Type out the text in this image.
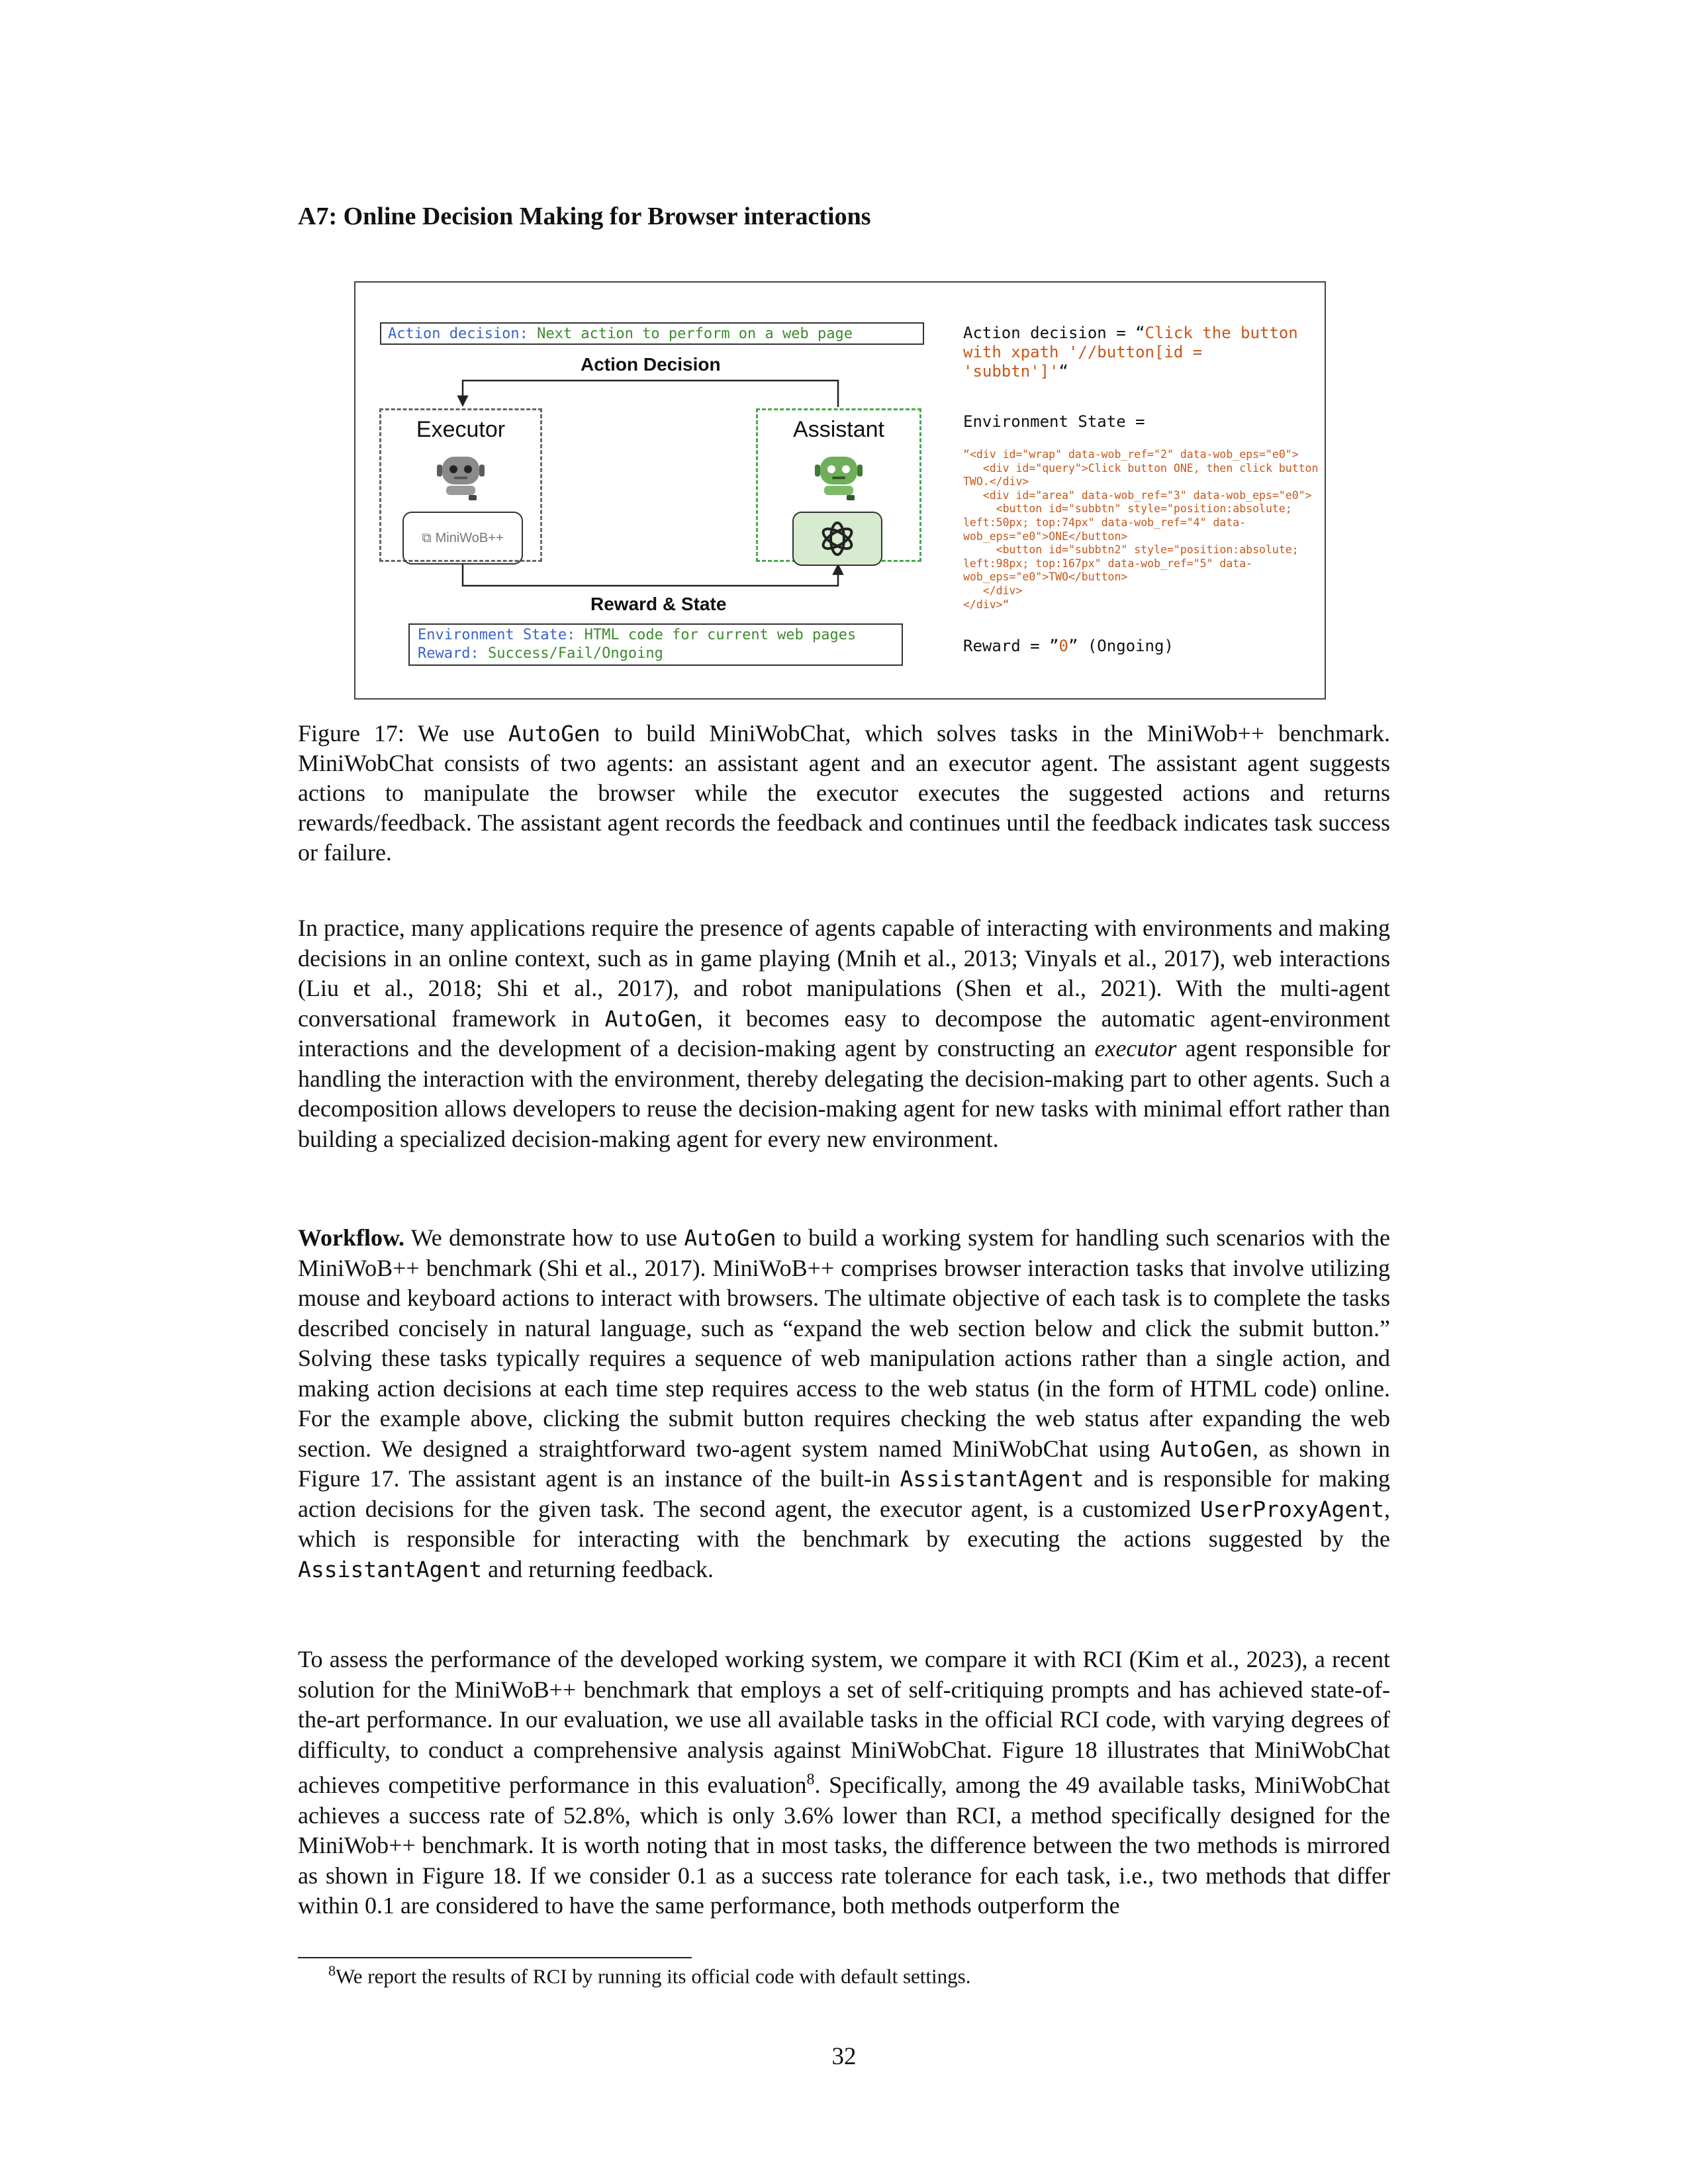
A7: Online Decision Making for Browser interactions
Action decision: Next action to perform on a web page
Action Decision
Executor
⧉ MiniWoB++
Assistant
Reward & State
Environment State: HTML code for current web pages
Reward: Success/Fail/Ongoing
Action decision = “Click the button
with xpath '//button[id =
'subbtn']'“
Environment State =
“<div id="wrap" data-wob_ref="2" data-wob_eps="e0">
<div id="query">Click button ONE, then click button
TWO.</div>
<div id="area" data-wob_ref="3" data-wob_eps="e0">
<button id="subbtn" style="position:absolute;
left:50px; top:74px" data-wob_ref="4" data-
wob_eps="e0">ONE</button>
<button id="subbtn2" style="position:absolute;
left:98px; top:167px" data-wob_ref="5" data-
wob_eps="e0">TWO</button>
</div>
</div>“
Reward = ”0” (Ongoing)

Figure 17: We use AutoGen to build MiniWobChat, which solves tasks in the MiniWob++ benchmark. MiniWobChat consists of two agents: an assistant agent and an executor agent. The assistant agent suggests actions to manipulate the browser while the executor executes the suggested actions and returns rewards/feedback. The assistant agent records the feedback and continues until the feedback indicates task success or failure.

In practice, many applications require the presence of agents capable of interacting with environments and making decisions in an online context, such as in game playing (Mnih et al., 2013; Vinyals et al., 2017), web interactions (Liu et al., 2018; Shi et al., 2017), and robot manipulations (Shen et al., 2021). With the multi-agent conversational framework in AutoGen, it becomes easy to decompose the automatic agent-environment interactions and the development of a decision-making agent by constructing an executor agent responsible for handling the interaction with the environment, thereby delegating the decision-making part to other agents. Such a decomposition allows developers to reuse the decision-making agent for new tasks with minimal effort rather than building a specialized decision-making agent for every new environment.

Workflow. We demonstrate how to use AutoGen to build a working system for handling such scenarios with the MiniWoB++ benchmark (Shi et al., 2017). MiniWoB++ comprises browser interaction tasks that involve utilizing mouse and keyboard actions to interact with browsers. The ultimate objective of each task is to complete the tasks described concisely in natural language, such as “expand the web section below and click the submit button.” Solving these tasks typically requires a sequence of web manipulation actions rather than a single action, and making action decisions at each time step requires access to the web status (in the form of HTML code) online. For the example above, clicking the submit button requires checking the web status after expanding the web section. We designed a straightforward two-agent system named MiniWobChat using AutoGen, as shown in Figure 17. The assistant agent is an instance of the built-in AssistantAgent and is responsible for making action decisions for the given task. The second agent, the executor agent, is a customized UserProxyAgent, which is responsible for interacting with the benchmark by executing the actions suggested by the AssistantAgent and returning feedback.

To assess the performance of the developed working system, we compare it with RCI (Kim et al., 2023), a recent solution for the MiniWoB++ benchmark that employs a set of self-critiquing prompts and has achieved state-of-the-art performance. In our evaluation, we use all available tasks in the official RCI code, with varying degrees of difficulty, to conduct a comprehensive analysis against MiniWobChat. Figure 18 illustrates that MiniWobChat achieves competitive performance in this evaluation$^8$. Specifically, among the 49 available tasks, MiniWobChat achieves a success rate of 52.8%, which is only 3.6% lower than RCI, a method specifically designed for the MiniWob++ benchmark. It is worth noting that in most tasks, the difference between the two methods is mirrored as shown in Figure 18. If we consider 0.1 as a success rate tolerance for each task, i.e., two methods that differ within 0.1 are considered to have the same performance, both methods outperform the

$^8$We report the results of RCI by running its official code with default settings.

32
